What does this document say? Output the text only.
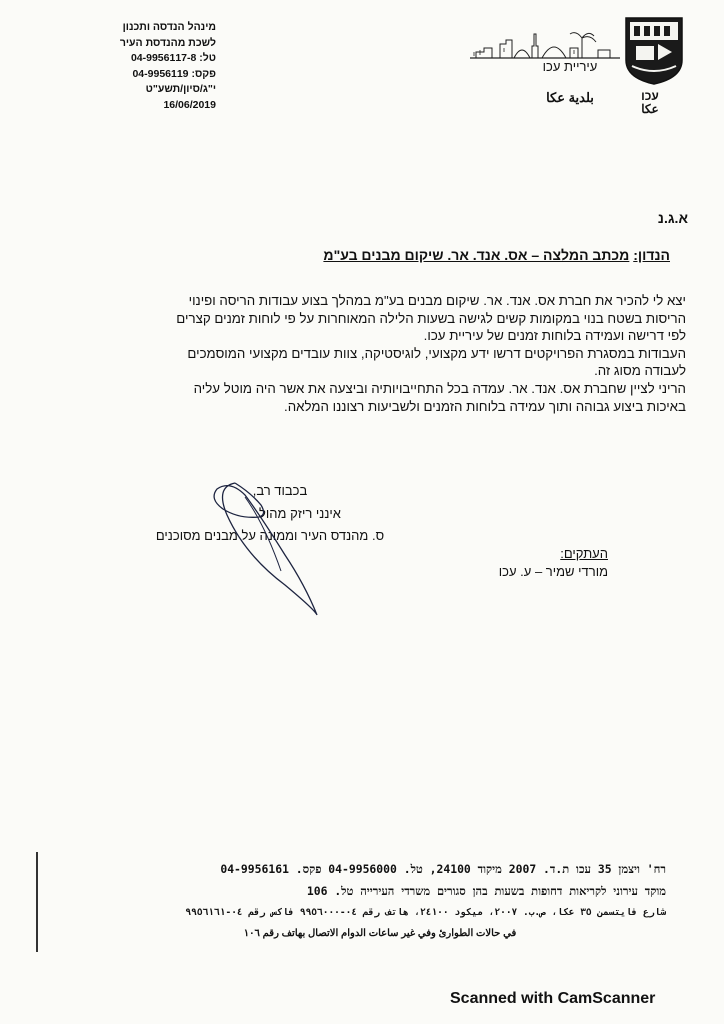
מינהל הנדסה ותכנון
לשכת מהנדסת העיר
טל: 04-9956117-8
פקס: 04-9956119
י"ג/סיון/תשע"ט
16/06/2019
עיריית עכו
بلدية عكا	עכו
عكا
א.ג.נ
הנדון: מכתב המלצה – אס. אנד. אר. שיקום מבנים בע"מ
יצא לי להכיר את חברת אס. אנד. אר. שיקום מבנים בע"מ במהלך בצוע עבודות הריסה ופינוי
הריסות בשטח בנוי במקומות קשים לגישה בשעות הלילה המאוחרות על פי לוחות זמנים קצרים
לפי דרישה ועמידה בלוחות זמנים של עיריית עכו.
העבודות במסגרת הפרויקטים דרשו ידע מקצועי, לוגיסטיקה, צוות עובדים מקצועי המוסמכים
לעבודה מסוג זה.
הריני לציין שחברת אס. אנד. אר. עמדה בכל התחייבויותיה וביצעה את אשר היה מוטל עליה
באיכות ביצוע גבוהה ותוך עמידה בלוחות הזמנים ולשביעות רצוננו המלאה.
בכבוד רב,
אינני ריזק מהול
ס. מהנדס העיר וממונה על מבנים מסוכנים
העתקים:
מורדי שמיר – ע. עכו
רח' ויצמן 35 עכו ת.ד. 2007 מיקוד 24100, טל. 04-9956000 פקס. 04-9956161
מוקד עירוני לקריאות דחופות בשעות בהן סגורים משרדי העירייה טל. 106
شارع فايتسمن ٣٥ عكا، ص.ب. ٢٠٠٧، ميكود ٢٤١٠٠، هاتف رقم ٠٤-٩٩٥٦٠٠٠ فاكس رقم ٠٤-٩٩٥٦١٦١
في حالات الطوارئ وفي غير ساعات الدوام الاتصال بهاتف رقم ١٠٦
Scanned with CamScanner
